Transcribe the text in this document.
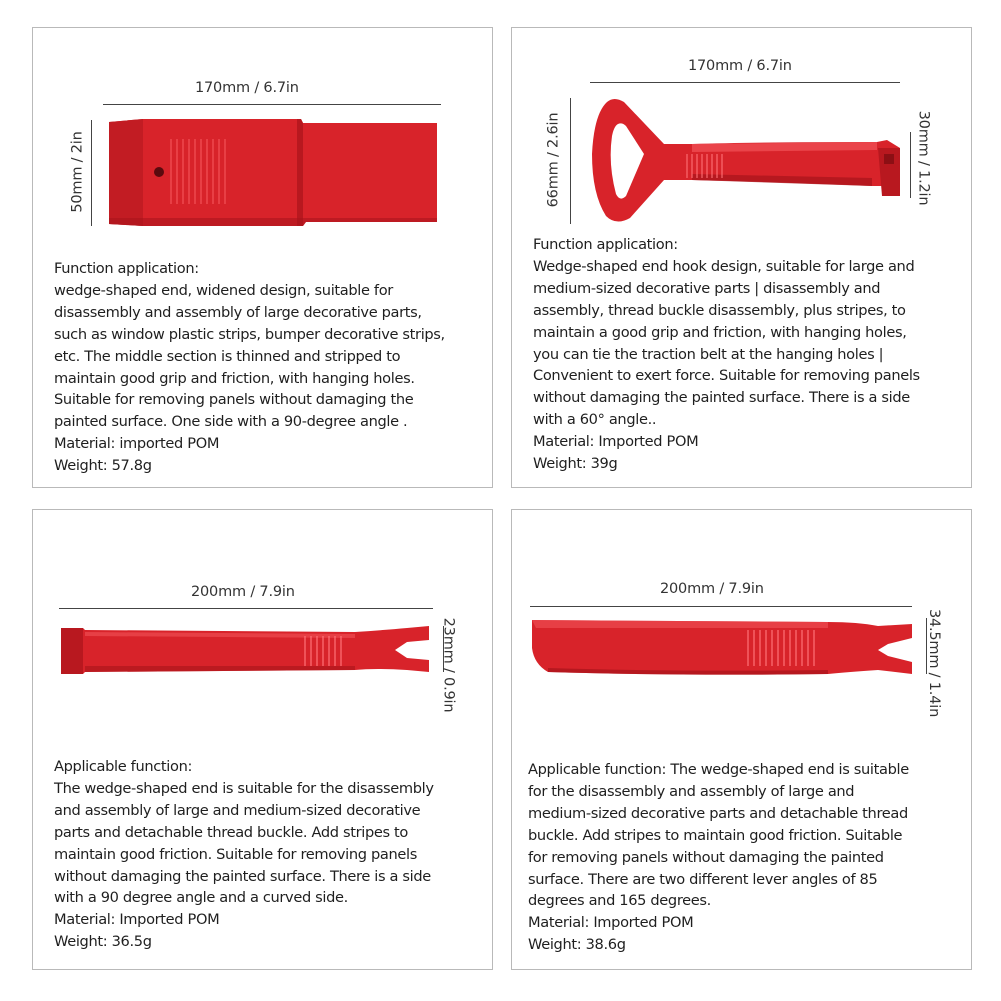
170mm / 6.7in
50mm / 2in
Function application:
wedge-shaped end, widened design, suitable for
disassembly and assembly of large decorative parts,
such as window plastic strips, bumper decorative strips,
etc. The middle section is thinned and stripped to
maintain good grip and friction, with hanging holes.
Suitable for removing panels without damaging the
painted surface. One side with a 90-degree angle .
Material: imported POM
Weight: 57.8g
170mm / 6.7in
66mm / 2.6in	30mm / 1.2in
Function application:
Wedge-shaped end hook design, suitable for large and
medium-sized decorative parts | disassembly and
assembly, thread buckle disassembly, plus stripes, to
maintain a good grip and friction, with hanging holes,
you can tie the traction belt at the hanging holes |
Convenient to exert force. Suitable for removing panels
without damaging the painted surface. There is a side
with a 60° angle..
Material: Imported POM
Weight: 39g
200mm / 7.9in
23mm / 0.9in
Applicable function:
The wedge-shaped end is suitable for the disassembly
and assembly of large and medium-sized decorative
parts and detachable thread buckle. Add stripes to
maintain good friction. Suitable for removing panels
without damaging the painted surface. There is a side
with a 90 degree angle and a curved side.
Material: Imported POM
Weight: 36.5g
200mm / 7.9in
34.5mm / 1.4in
Applicable function: The wedge-shaped end is suitable
for the disassembly and assembly of large and
medium-sized decorative parts and detachable thread
buckle. Add stripes to maintain good friction. Suitable
for removing panels without damaging the painted
surface. There are two different lever angles of 85
degrees and 165 degrees.
Material: Imported POM
Weight: 38.6g
